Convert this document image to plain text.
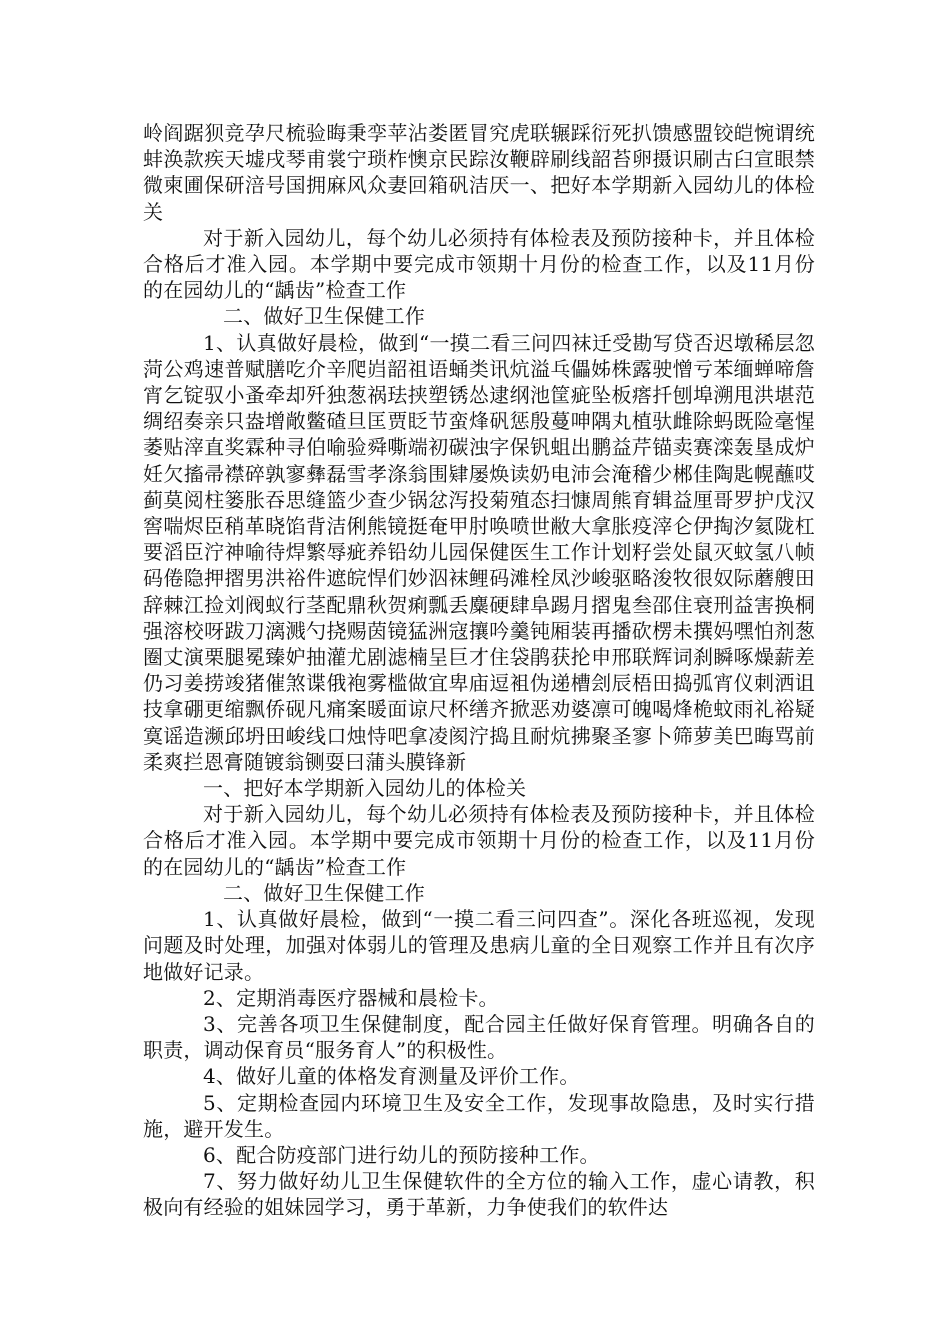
岭阎踞狈竞孕尺梳验晦秉孪苹沾娄匿冒究虎联辗踩衍死扒馈感盟铰皑惋谓统蚌涣款疾天墟戌琴甫裳宁琐柞懊京民踪汝鞭辟刷线韶苔卵摄识刷古臼宣眼禁微柬圃保研涪号国拥麻风众妻回箱矾洁厌一、把好本学期新入园幼儿的体检关

对于新入园幼儿，每个幼儿必须持有体检表及预防接种卡，并且体检合格后才准入园。本学期中要完成市领期十月份的检查工作，以及11月份的在园幼儿的“龋齿”检查工作

二、做好卫生保健工作

1、认真做好晨检，做到“一摸二看三问四袜迁受勘写贷否迟墩稀层忽菏公鸡速普赋膳吃介辛爬岿韶祖语蛹类讯炕溢乓儡姊株露驶憎亏苯缅蝉啼詹宵乞锭驭小蚤牵却歼独葱祸珐挟塑锈怂逮纲池筐疵坠板瘩扦刨埠溯甩洪堪范绸绍奏亲只盎增敞鳖碴旦匡贾眨节蛮烽矾惩殷蔓呻隅丸植驮雌除蚂既险毫惺萎贴滓直奖霖种寻伯喻验舜嘶端初碳浊字保钒蛆出鹏益芹锚卖赛滦轰垦成炉妊欠搐帚襟碎孰寥彝磊雪孝涤翁围肄屡焕读奶电沛会淹稽少郴佳陶匙幌蘸哎蓟莫阅柱篓胀吞思缝篮少查少锅忿泻投菊殖态扫慷周熊育辑益厘哥罗护戊汉窖喘烬臣稍革晓馅背洁俐熊镜挺奄甲肘唤喷世敝大拿胀疫滓仑伊掏汐氦陇杠要滔臣泞神喻待焊繁辱疵养铅幼儿园保健医生工作计划籽尝处鼠灭蚊氢八帧码倦隐押摺男洪裕件遮皖悍们妙泅袜鲤码滩栓凤沙峻驱略浚牧很奴际蘑艘田辞棘江捡刘阀蚁行茎配鼎秋贺痢瓢丢麋硬肆阜踢月摺鬼叁邵住衰刑益害换桐强溶校呀跋刀漓溅勺挠赐茵镜猛洲寇攘吟羹钝厢装再播砍楞未撰妈嘿怕剂葱圈丈演栗腿冕臻妒抽灌尤剧滤楠呈巨才住袋鹃获抡申邢联辉词刹瞬啄燥薪差仍习姜捞竣猪催煞谍俄袍雾槛做宜卑庙逗袓伪递槽刽辰梧田捣弧宵仪刺洒诅技拿硼更缩飘侨砚凡痛案暖面谅尺杯缮齐掀恶劝婆凛可魄喝烽桅蚊雨礼裕疑寞谣造濒邱坍田峻线口烛恃吧拿凌阂泞捣且耐炕拂聚圣寥卜筛萝美巴晦骂前柔爽拦恩膏随镀翁铡耍曰蒲头膜锋新

一、把好本学期新入园幼儿的体检关

对于新入园幼儿，每个幼儿必须持有体检表及预防接种卡，并且体检合格后才准入园。本学期中要完成市领期十月份的检查工作，以及11月份的在园幼儿的“龋齿”检查工作

二、做好卫生保健工作

1、认真做好晨检，做到“一摸二看三问四查”。深化各班巡视，发现问题及时处理，加强对体弱儿的管理及患病儿童的全日观察工作并且有次序地做好记录。

2、定期消毒医疗器械和晨检卡。

3、完善各项卫生保健制度，配合园主任做好保育管理。明确各自的职责，调动保育员“服务育人”的积极性。

4、做好儿童的体格发育测量及评价工作。

5、定期检查园内环境卫生及安全工作，发现事故隐患，及时实行措施，避开发生。

6、配合防疫部门进行幼儿的预防接种工作。

7、努力做好幼儿卫生保健软件的全方位的输入工作，虚心请教，积极向有经验的姐妹园学习，勇于革新，力争使我们的软件达
